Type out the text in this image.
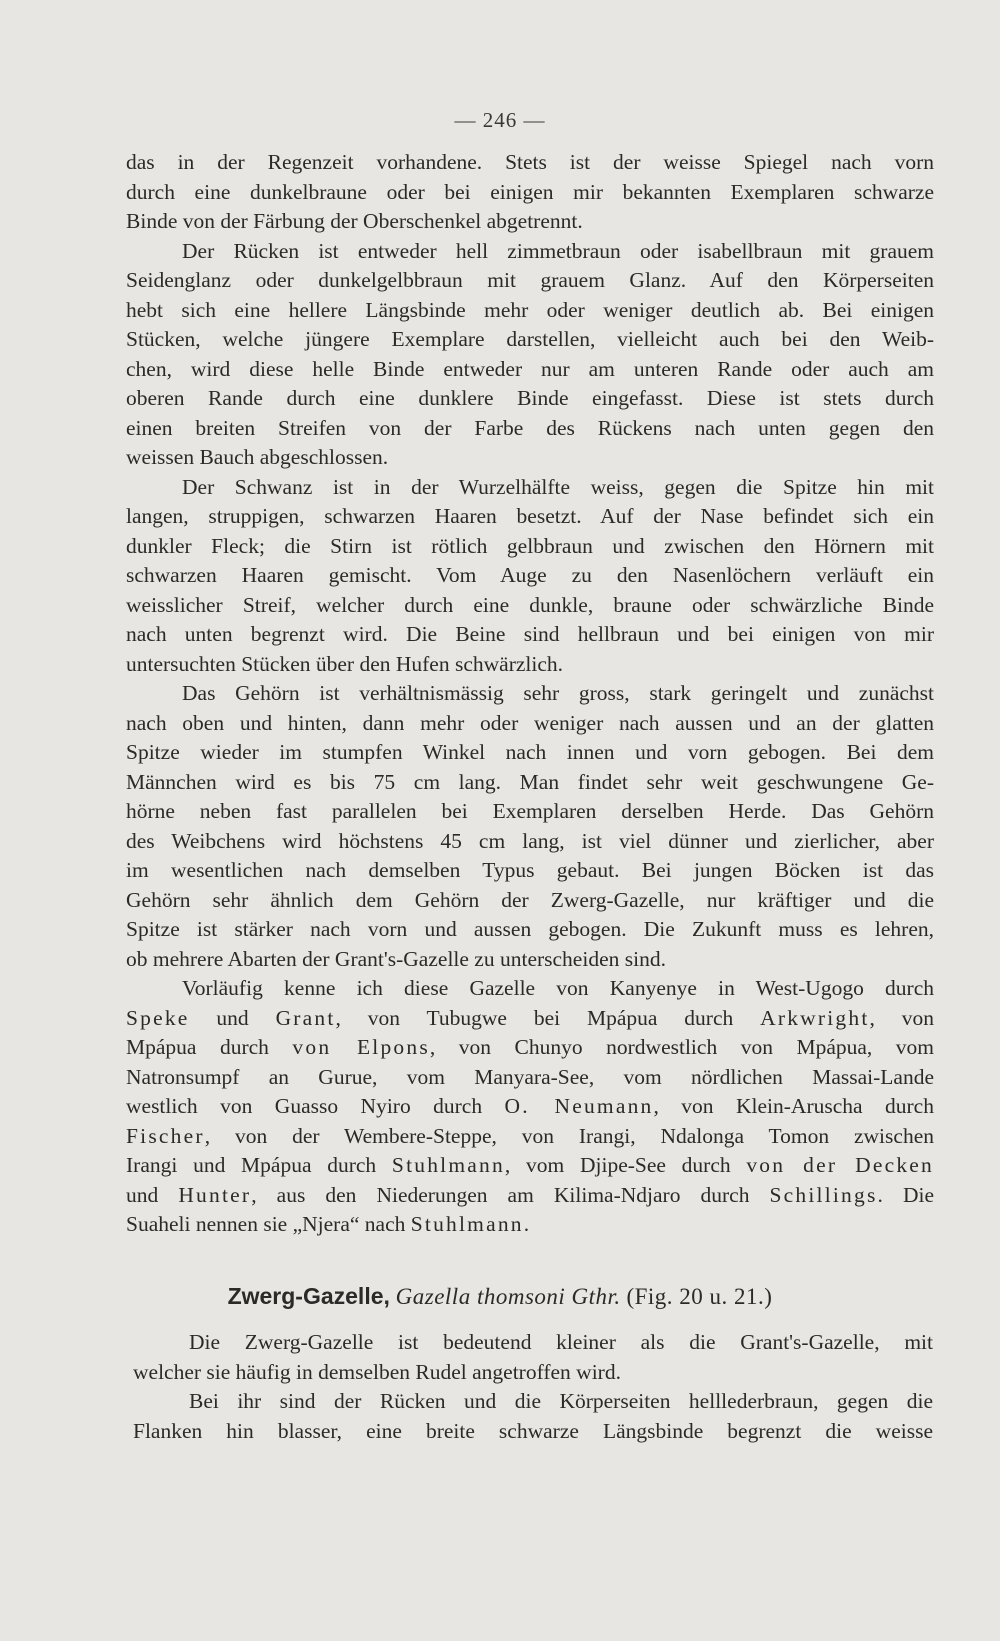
— 246 —
das in der Regenzeit vorhandene. Stets ist der weisse Spiegel nach vorn
durch eine dunkelbraune oder bei einigen mir bekannten Exemplaren schwarze
Binde von der Färbung der Oberschenkel abgetrennt.
Der Rücken ist entweder hell zimmetbraun oder isabellbraun mit grauem
Seidenglanz oder dunkelgelbbraun mit grauem Glanz. Auf den Körperseiten
hebt sich eine hellere Längsbinde mehr oder weniger deutlich ab. Bei einigen
Stücken, welche jüngere Exemplare darstellen, vielleicht auch bei den Weib-
chen, wird diese helle Binde entweder nur am unteren Rande oder auch am
oberen Rande durch eine dunklere Binde eingefasst. Diese ist stets durch
einen breiten Streifen von der Farbe des Rückens nach unten gegen den
weissen Bauch abgeschlossen.
Der Schwanz ist in der Wurzelhälfte weiss, gegen die Spitze hin mit
langen, struppigen, schwarzen Haaren besetzt. Auf der Nase befindet sich ein
dunkler Fleck; die Stirn ist rötlich gelbbraun und zwischen den Hörnern mit
schwarzen Haaren gemischt. Vom Auge zu den Nasenlöchern verläuft ein
weisslicher Streif, welcher durch eine dunkle, braune oder schwärzliche Binde
nach unten begrenzt wird. Die Beine sind hellbraun und bei einigen von mir
untersuchten Stücken über den Hufen schwärzlich.
Das Gehörn ist verhältnismässig sehr gross, stark geringelt und zunächst
nach oben und hinten, dann mehr oder weniger nach aussen und an der glatten
Spitze wieder im stumpfen Winkel nach innen und vorn gebogen. Bei dem
Männchen wird es bis 75 cm lang. Man findet sehr weit geschwungene Ge-
hörne neben fast parallelen bei Exemplaren derselben Herde. Das Gehörn
des Weibchens wird höchstens 45 cm lang, ist viel dünner und zierlicher, aber
im wesentlichen nach demselben Typus gebaut. Bei jungen Böcken ist das
Gehörn sehr ähnlich dem Gehörn der Zwerg-Gazelle, nur kräftiger und die
Spitze ist stärker nach vorn und aussen gebogen. Die Zukunft muss es lehren,
ob mehrere Abarten der Grant's-Gazelle zu unterscheiden sind.
Vorläufig kenne ich diese Gazelle von Kanyenye in West-Ugogo durch
Speke und Grant, von Tubugwe bei Mpápua durch Arkwright, von
Mpápua durch von Elpons, von Chunyo nordwestlich von Mpápua, vom
Natronsumpf an Gurue, vom Manyara-See, vom nördlichen Massai-Lande
westlich von Guasso Nyiro durch O. Neumann, von Klein-Aruscha durch
Fischer, von der Wembere-Steppe, von Irangi, Ndalonga Tomon zwischen
Irangi und Mpápua durch Stuhlmann, vom Djipe-See durch von der Decken
und Hunter, aus den Niederungen am Kilima-Ndjaro durch Schillings. Die
Suaheli nennen sie „Njera“ nach Stuhlmann.
Zwerg-Gazelle, Gazella thomsoni Gthr. (Fig. 20 u. 21.)
Die Zwerg-Gazelle ist bedeutend kleiner als die Grant's-Gazelle, mit
welcher sie häufig in demselben Rudel angetroffen wird.
Bei ihr sind der Rücken und die Körperseiten helllederbraun, gegen die
Flanken hin blasser, eine breite schwarze Längsbinde begrenzt die weisse
